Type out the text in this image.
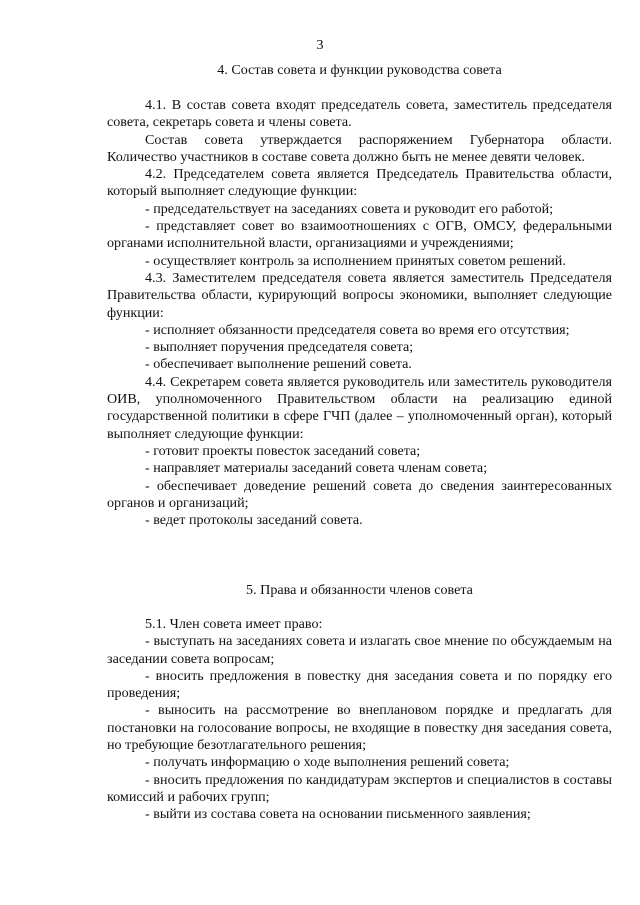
3
4. Состав совета и функции руководства совета

4.1. В состав совета входят председатель совета, заместитель председателя совета, секретарь совета и члены совета.

Состав совета утверждается распоряжением Губернатора области. Количество участников в составе совета должно быть не менее девяти человек.

4.2. Председателем совета является Председатель Правительства области, который выполняет следующие функции:

- председательствует на заседаниях совета и руководит его работой;

- представляет совет во взаимоотношениях с ОГВ, ОМСУ, федеральными органами исполнительной власти, организациями и учреждениями;

- осуществляет контроль за исполнением принятых советом решений.

4.3. Заместителем председателя совета является заместитель Председателя Правительства области, курирующий вопросы экономики, выполняет следующие функции:

- исполняет обязанности председателя совета во время его отсутствия;

- выполняет поручения председателя совета;

- обеспечивает выполнение решений совета.

4.4. Секретарем совета является руководитель или заместитель руководителя ОИВ, уполномоченного Правительством области на реализацию единой государственной политики в сфере ГЧП (далее – уполномоченный орган), который выполняет следующие функции:

- готовит проекты повесток заседаний совета;

- направляет материалы заседаний совета членам совета;

- обеспечивает доведение решений совета до сведения заинтересованных органов и организаций;

- ведет протоколы заседаний совета.

5. Права и обязанности членов совета

5.1. Член совета имеет право:

- выступать на заседаниях совета и излагать свое мнение по обсуждаемым на заседании совета вопросам;

- вносить предложения в повестку дня заседания совета и по порядку его проведения;

- выносить на рассмотрение во внеплановом порядке и предлагать для постановки на голосование вопросы, не входящие в повестку дня заседания совета, но требующие безотлагательного решения;

- получать информацию о ходе выполнения решений совета;

- вносить предложения по кандидатурам экспертов и специалистов в составы комиссий и рабочих групп;

- выйти из состава совета на основании письменного заявления;
